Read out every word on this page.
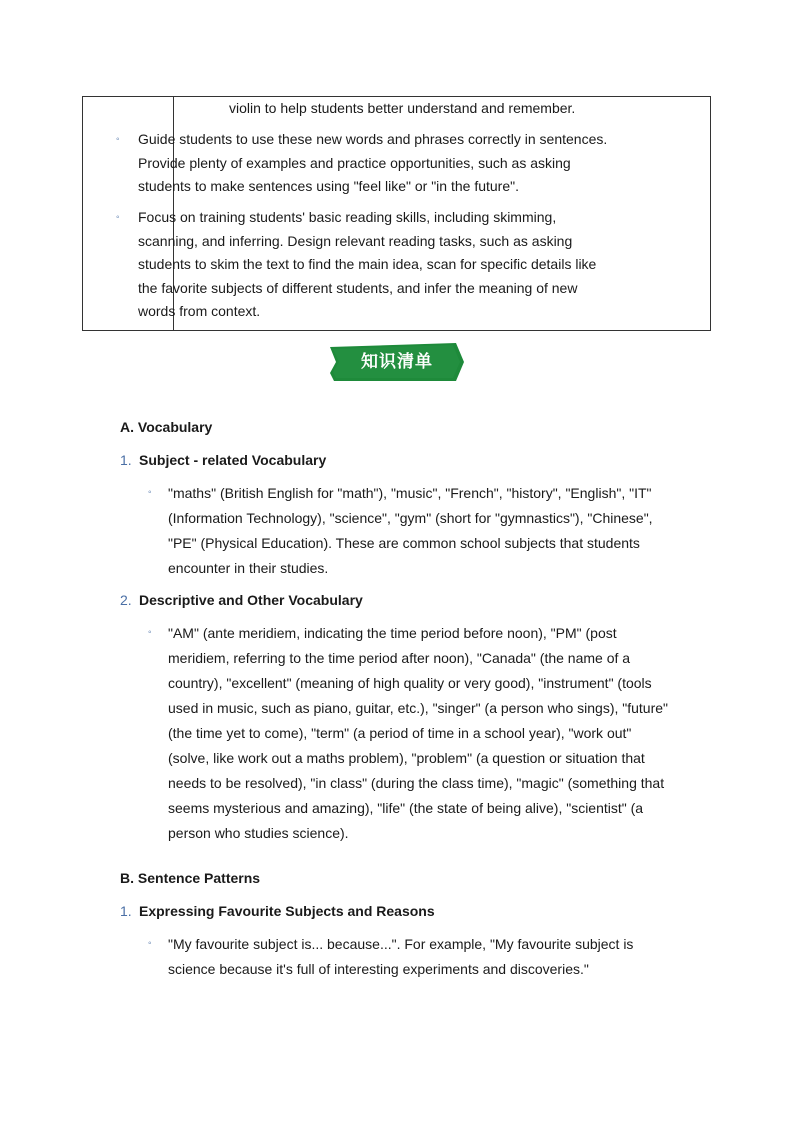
violin to help students better understand and remember.
◦ Guide students to use these new words and phrases correctly in sentences. Provide plenty of examples and practice opportunities, such as asking students to make sentences using "feel like" or "in the future".
◦ Focus on training students' basic reading skills, including skimming, scanning, and inferring. Design relevant reading tasks, such as asking students to skim the text to find the main idea, scan for specific details like the favorite subjects of different students, and infer the meaning of new words from context.
知识清单
A. Vocabulary
1. Subject - related Vocabulary
◦ "maths" (British English for "math"), "music", "French", "history", "English", "IT" (Information Technology), "science", "gym" (short for "gymnastics"), "Chinese", "PE" (Physical Education). These are common school subjects that students encounter in their studies.
2. Descriptive and Other Vocabulary
◦ "AM" (ante meridiem, indicating the time period before noon), "PM" (post meridiem, referring to the time period after noon), "Canada" (the name of a country), "excellent" (meaning of high quality or very good), "instrument" (tools used in music, such as piano, guitar, etc.), "singer" (a person who sings), "future" (the time yet to come), "term" (a period of time in a school year), "work out" (solve, like work out a maths problem), "problem" (a question or situation that needs to be resolved), "in class" (during the class time), "magic" (something that seems mysterious and amazing), "life" (the state of being alive), "scientist" (a person who studies science).
B. Sentence Patterns
1. Expressing Favourite Subjects and Reasons
◦ "My favourite subject is... because...". For example, "My favourite subject is science because it's full of interesting experiments and discoveries."
